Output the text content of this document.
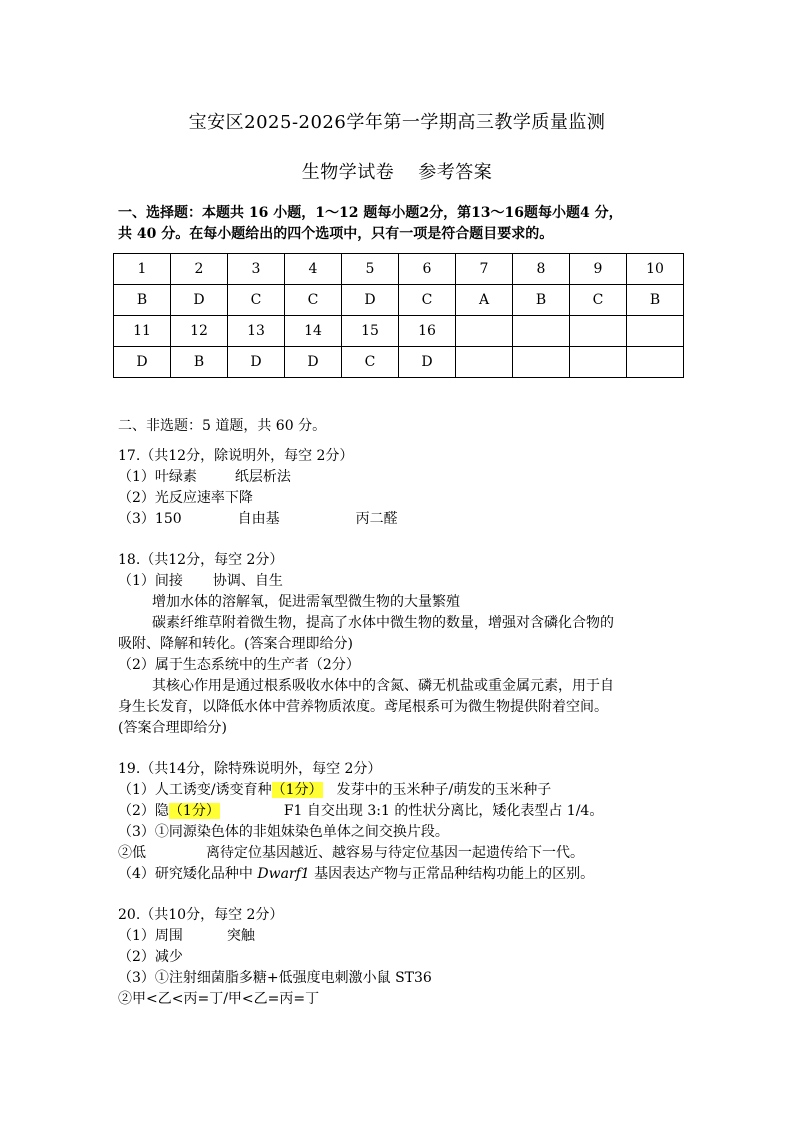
宝安区2025-2026学年第一学期高三教学质量监测
生物学试卷 参考答案
一、选择题：本题共 16 小题，1～12 题每小题2分，第13～16题每小题4 分，
共 40 分。在每小题给出的四个选项中，只有一项是符合题目要求的。
1	2	3	4	5	6	7	8	9	10
B	D	C	C	D	C	A	B	C	B
11	12	13	14	15	16				
D	B	D	D	C	D				
二、非选题：5 道题，共 60 分。
17.（共12分，除说明外，每空 2分）
（1）叶绿素	纸层析法
（2）光反应速率下降
（3）150	自由基	丙二醛
18.（共12分，每空 2分）
（1）间接 协调、自生
增加水体的溶解氧，促进需氧型微生物的大量繁殖
碳素纤维草附着微生物，提高了水体中微生物的数量，增强对含磷化合物的
吸附、降解和转化。(答案合理即给分)
（2）属于生态系统中的生产者（2分）
其核心作用是通过根系吸收水体中的含氮、磷无机盐或重金属元素，用于自
身生长发育，以降低水体中营养物质浓度。鸢尾根系可为微生物提供附着空间。
(答案合理即给分)
19.（共14分，除特殊说明外，每空 2分）
（1）人工诱变/诱变育种（1分） 发芽中的玉米种子/萌发的玉米种子
（2）隐（1分）	F1 自交出现 3:1 的性状分离比，矮化表型占 1/4。
（3）①同源染色体的非姐妹染色单体之间交换片段。
②低	离待定位基因越近、越容易与待定位基因一起遗传给下一代。
（4）研究矮化品种中 Dwarf1 基因表达产物与正常品种结构功能上的区别。
20.（共10分，每空 2分）
（1）周围	突触
（2）减少
（3）①注射细菌脂多糖+低强度电刺激小鼠 ST36
②甲<乙<丙=丁/甲<乙=丙=丁
